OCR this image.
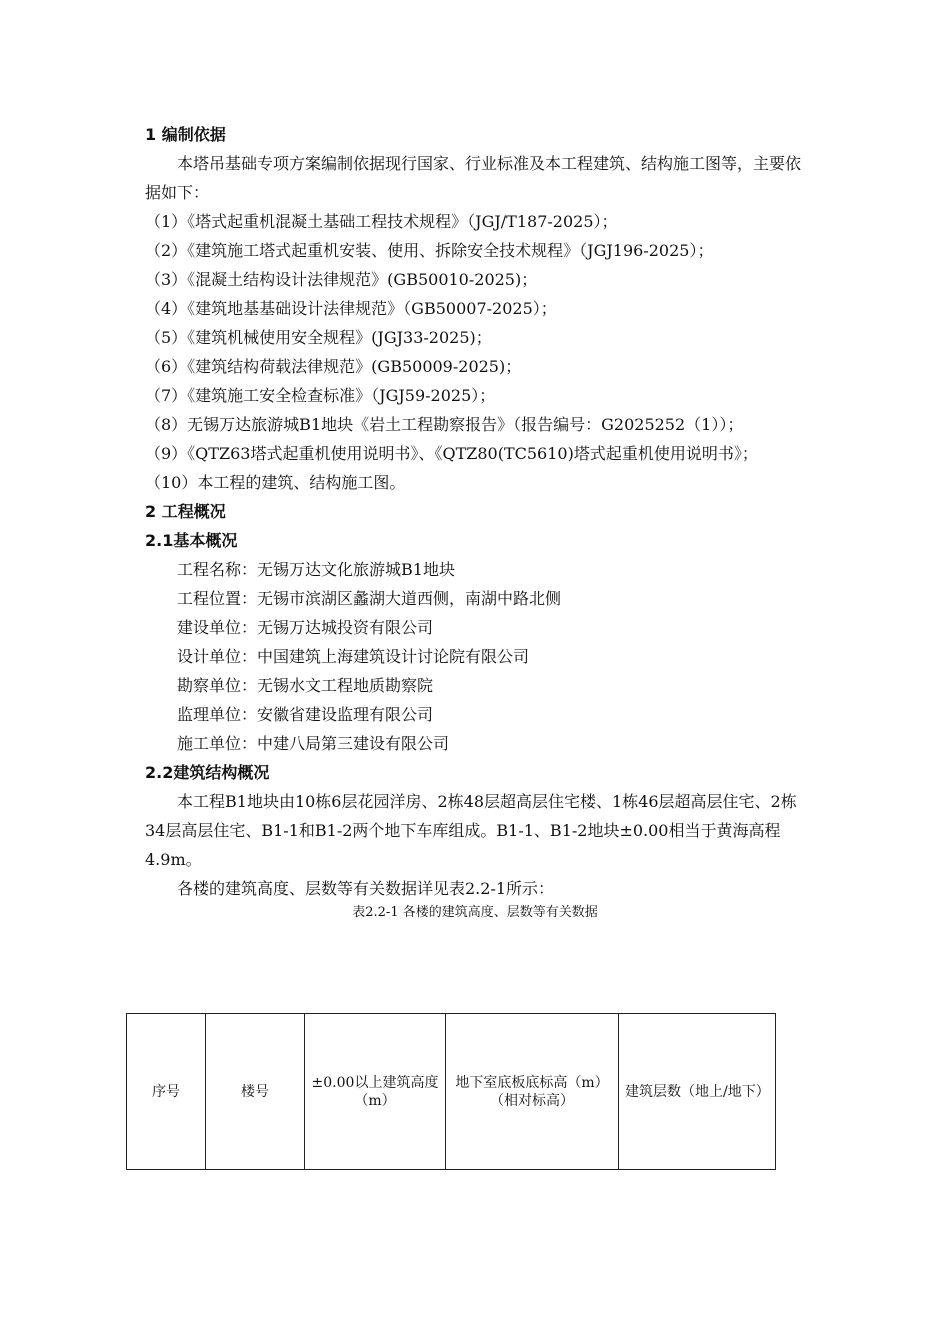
1 编制依据
本塔吊基础专项方案编制依据现行国家、行业标准及本工程建筑、结构施工图等，主要依据如下：
（1）《塔式起重机混凝土基础工程技术规程》（JGJ/T187-2025）；
（2）《建筑施工塔式起重机安装、使用、拆除安全技术规程》（JGJ196-2025）；
（3）《混凝土结构设计法律规范》(GB50010-2025)；
（4）《建筑地基基础设计法律规范》（GB50007-2025）；
（5）《建筑机械使用安全规程》(JGJ33-2025)；
（6）《建筑结构荷载法律规范》(GB50009-2025)；
（7）《建筑施工安全检查标准》（JGJ59-2025）；
（8）无锡万达旅游城B1地块《岩土工程勘察报告》（报告编号：G2025252（1））；
（9）《QTZ63塔式起重机使用说明书》、《QTZ80(TC5610)塔式起重机使用说明书》；
（10）本工程的建筑、结构施工图。
2 工程概况
2.1基本概况
工程名称：无锡万达文化旅游城B1地块
工程位置：无锡市滨湖区蠡湖大道西侧，南湖中路北侧
建设单位：无锡万达城投资有限公司
设计单位：中国建筑上海建筑设计讨论院有限公司
勘察单位：无锡水文工程地质勘察院
监理单位：安徽省建设监理有限公司
施工单位：中建八局第三建设有限公司
2.2建筑结构概况
本工程B1地块由10栋6层花园洋房、2栋48层超高层住宅楼、1栋46层超高层住宅、2栋34层高层住宅、B1-1和B1-2两个地下车库组成。B1-1、B1-2地块±0.00相当于黄海高程4.9m。
各楼的建筑高度、层数等有关数据详见表2.2-1所示：
表2.2-1 各楼的建筑高度、层数等有关数据
序号	楼号	±0.00以上建筑高度（m）	地下室底板底标高（m）（相对标高）	建筑层数（地上/地下）
